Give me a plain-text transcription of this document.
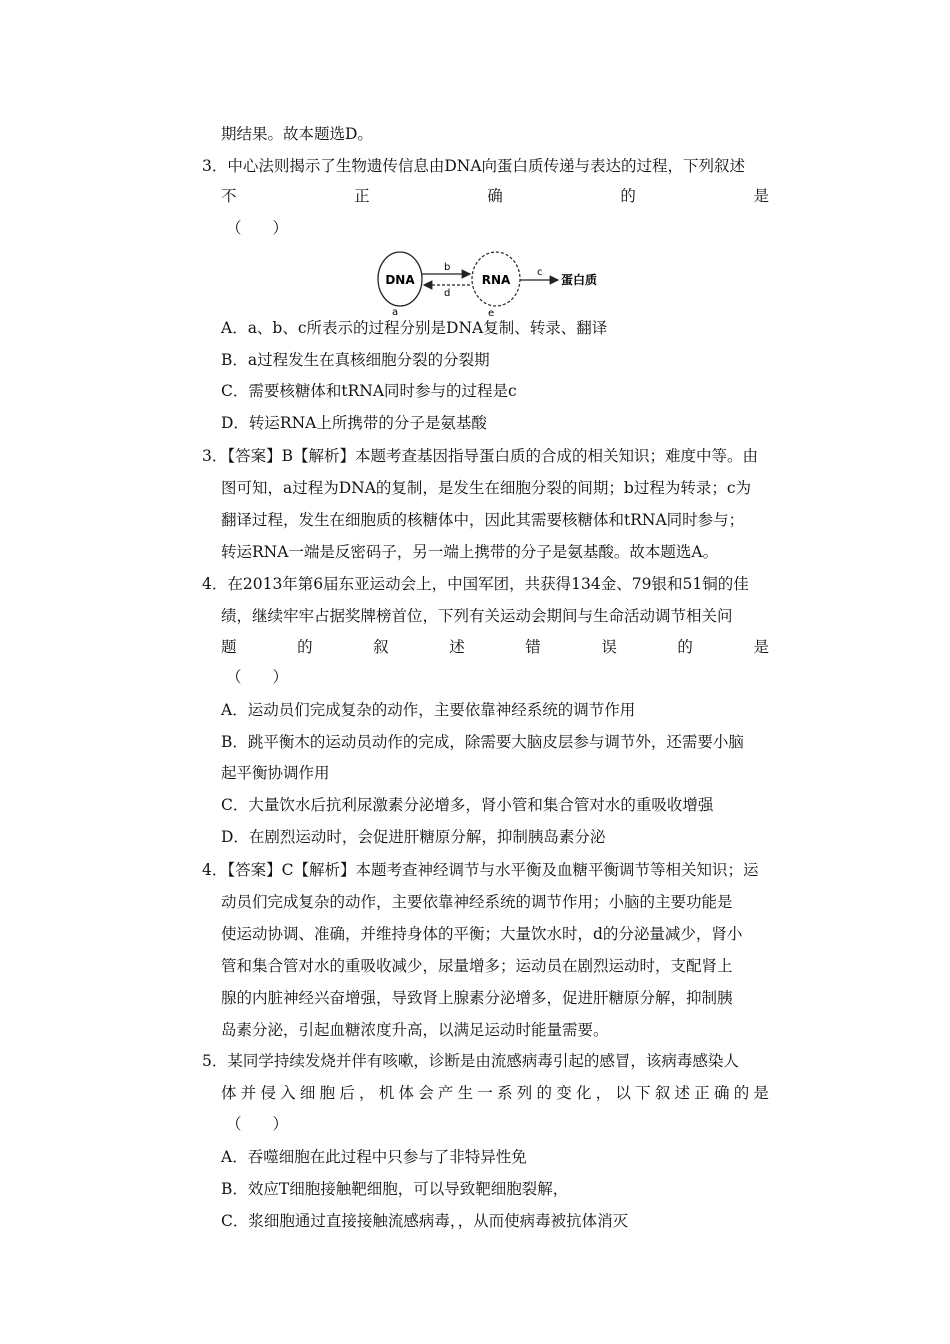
期结果。故本题选D。
3．中心法则揭示了生物遗传信息由DNA向蛋白质传递与表达的过程，下列叙述
不	正	确	的	是
（　　）
DNA
a
b
d
RNA
e
c
蛋白质
A．a、b、c所表示的过程分别是DNA复制、转录、翻译
B．a过程发生在真核细胞分裂的分裂期
C．需要核糖体和tRNA同时参与的过程是c
D．转运RNA上所携带的分子是氨基酸
3．【答案】B【解析】本题考查基因指导蛋白质的合成的相关知识；难度中等。由
图可知，a过程为DNA的复制，是发生在细胞分裂的间期；b过程为转录；c为
翻译过程，发生在细胞质的核糖体中，因此其需要核糖体和tRNA同时参与；
转运RNA一端是反密码子，另一端上携带的分子是氨基酸。故本题选A。
4．在2013年第6届东亚运动会上，中国军团，共获得134金、79银和51铜的佳
绩，继续牢牢占据奖牌榜首位，下列有关运动会期间与生命活动调节相关问
题	的	叙	述	错	误	的	是
（　　）
A．运动员们完成复杂的动作，主要依靠神经系统的调节作用
B．跳平衡木的运动员动作的完成，除需要大脑皮层参与调节外，还需要小脑
起平衡协调作用
C．大量饮水后抗利尿激素分泌增多，肾小管和集合管对水的重吸收增强
D．在剧烈运动时，会促进肝糖原分解，抑制胰岛素分泌
4．【答案】C【解析】本题考查神经调节与水平衡及血糖平衡调节等相关知识；运
动员们完成复杂的动作，主要依靠神经系统的调节作用；小脑的主要功能是
使运动协调、准确，并维持身体的平衡；大量饮水时，d的分泌量减少，肾小
管和集合管对水的重吸收减少，尿量增多；运动员在剧烈运动时，支配肾上
腺的内脏神经兴奋增强，导致肾上腺素分泌增多，促进肝糖原分解，抑制胰
岛素分泌，引起血糖浓度升高，以满足运动时能量需要。
5．某同学持续发烧并伴有咳嗽，诊断是由流感病毒引起的感冒，该病毒感染人
体 并 侵 入 细 胞 后 ， 机 体 会 产 生 一 系 列 的 变 化 ， 以 下 叙 述 正 确 的 是
（　　）
A．吞噬细胞在此过程中只参与了非特异性免
B．效应T细胞接触靶细胞，可以导致靶细胞裂解，
C．浆细胞通过直接接触流感病毒，，从而使病毒被抗体消灭
